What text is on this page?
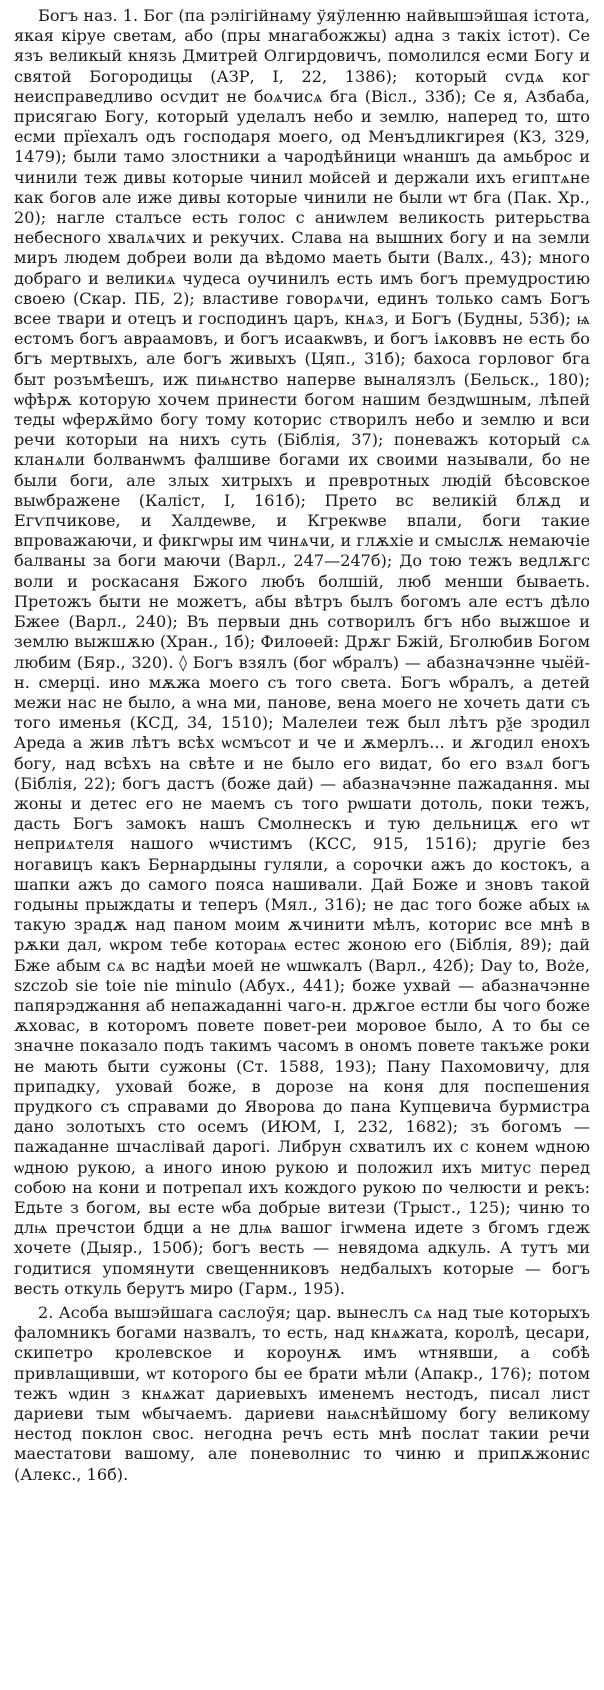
Богъ наз. 1. Бог (па рэлігійнаму ўяўленню найвышэйшая істота, якая кіруе светам, або (пры мнагабожжы) адна з такіх істот). Се язъ великый князь Дмитрей Олгирдовичъ, помолился есми Богу и святой Богородицы (АЗР, І, 22, 1386); который сѵдѧ ког неисправедливо осѵдит не боѧчисѧ бга (Віcл., 33б); Се я, Азбаба, присягаю Богу, который уделалъ небо и землю, наперед то, што есми прїехалъ одъ господаря моего, од Менъдликгирея (КЗ, 329, 1479); были тамо злостники а чародѣйници ѡнаншъ да амьброс и чинили теж дивы которые чинил мойсей и держали ихъ египтѧне как богов але иже дивы которые чинили не были ѡт бга (Пак. Хр., 20); нагле сталъсе есть голос с аниѡлем великость ритерьства небесного хвалѧчих и рекучих. Слава на вышних богу и на земли миръ людем добреи воли да вѣдомо маеть быти (Валх., 43); много добраго и великиѧ чудеса оучинилъ есть имъ богъ премудростию своею (Скар. ПБ, 2); властиве говорѧчи, единъ только самъ Богъ всее твари и отецъ и господинъ царъ, кнѧз, и Богъ (Будны, 53б); ѩ естомъ богъ авраамовъ, и богъ исаакѡвъ, и богъ іѧковвъ не есть бо бгъ мертвыхъ, але богъ живыхъ (Цяп., 31б); бахоса горловог бга быт розъмѣешъ, иж пиѩнство наперве выналязлъ (Бельск., 180); ѡфѣрѫ которую хочем принести богом нашим бездѡшным, лѣпей теды ѡферѫймо богу тому которис створилъ небо и землю и вси речи которыи на нихъ суть (Біблія, 37); поневажъ который сѧ кланѧли болванѡмъ фалшиве богами их своими называли, бо не были боги, але злых хитрыхъ и превротных людій бѣсовское выѡбражене (Каліст, І, 161б); Прето вс великій блѫд и Егѵпчикове, и Халдеѡве, и Кгрекѡве впали, боги такие впроважаючи, и фикгѡры им чинѧчи, и глѫхіе и смыслѫ немаючіе балваны за боги маючи (Варл., 247—247б); До тою тежъ ведлѫгс воли и роскасаня Бжого любъ болшій, люб менши бываеть. Претожъ быти не можетъ, абы вѣтръ былъ богомъ але естъ дѣло Бжее (Варл., 240); Въ первыи днь сотворилъ бгъ нбо выжшое и землю выжшѫю (Хран., 1б); Филоѳей: Дрѫг Бжій, Бголюбив Богом любим (Бяр., 320). ◊ Богъ взялъ (бог ѡбралъ) — абазначэнне чыёй-н. смерці. ино мѫжа моего съ того света. Богъ ѡбралъ, а детей межи нас не было, а ѡна ми, панове, вена моего не хочеть дати съ того именья (КСД, 34, 1510); Малелеи теж был лѣтъ рѯе зродил Ареда а жив лѣтъ всѣх ѡсмъсот и че и ѫмерлъ... и ѫгодил енохъ богу, над всѣхъ на свѣте и не было его видат, бо его взѧл богъ (Біблія, 22); богъ дастъ (боже дай) — абазначэнне пажадання. мы жоны и детес его не маемъ съ того рѡшати дотоль, поки тежъ, дасть Богъ замокъ нашъ Смолнескъ и тую дельницѫ его ѡт неприѧтеля нашого ѡчистимъ (КСС, 915, 1516); другіе без ногавицъ какъ Бернардыны гуляли, а сорочки ажъ до костокъ, а шапки ажъ до самого пояса нашивали. Дай Боже и зновъ такой годыны прыждаты и теперъ (Мял., 316); не дас того боже абых ѩ такую зрадѫ над паном моим ѫчинити мѣлъ, которис все мнѣ в рѫки дал, ѡкром тебе котораѩ естес жоною его (Біблія, 89); дай Бже абым сѧ вс надѣи моей не ѡшѡкалъ (Варл., 42б); Day to, Boże, szczob sie toie nie minulo (Абух., 441); боже ухвай — абазначэнне папярэджання аб непажаданні чаго-н. дрѫгое естли бы чого боже ѫховас, в которомъ повете повет-реи моровое было, А то бы се значне показало подъ такимъ часомъ в ономъ повете такъже роки не мають быти сужоны (Ст. 1588, 193); Пану Пахомовичу, для припадку, уховай боже, в дорозе на коня для поспешения прудкого съ справами до Яворова до пана Купцевича бурмистра дано золотыхъ сто осемъ (ИЮМ, І, 232, 1682); зъ богомъ — пажаданне шчаслівай дарогі. Либрун схватилъ их с конем ѡдною ѡдною рукою, а иного иною рукою и положил ихъ митус перед собою на кони и потрепал ихъ кождого рукою по челюсти и рекъ: Едьте з богом, вы есте ѡба добрые витези (Трыст., 125); чиню то длѩ пречстои бдци а не длѩ вашог ігѡмена идете з бгомъ гдеж хочете (Дыяр., 150б); богъ весть — невядома адкуль. А тутъ ми годитися упомянути свещенниковъ недбалыхъ которые — богъ весть откуль берутъ миро (Гарм., 195).

2. Асоба вышэйшага саслоўя; цар. вынеслъ сѧ над тые которыхъ фаломникъ богами назвалъ, то есть, над кнѧжата, королѣ, цесари, скипетро кролевское и короунѫ имъ ѡтнявши, а собѣ привлащивши, ѡт которого бы ее брати мѣли (Апакр., 176); потом тежъ ѡдин з кнѧжат дариевыхъ именемъ нестодъ, писал лист дариеви тым ѡбычаемъ. дариеви наѩснѣйшому богу великому нестод поклон свос. негодна речъ есть мнѣ послат такии речи маестатови вашому, але поневолнис то чиню и припѫжонис (Алекс., 16б).
